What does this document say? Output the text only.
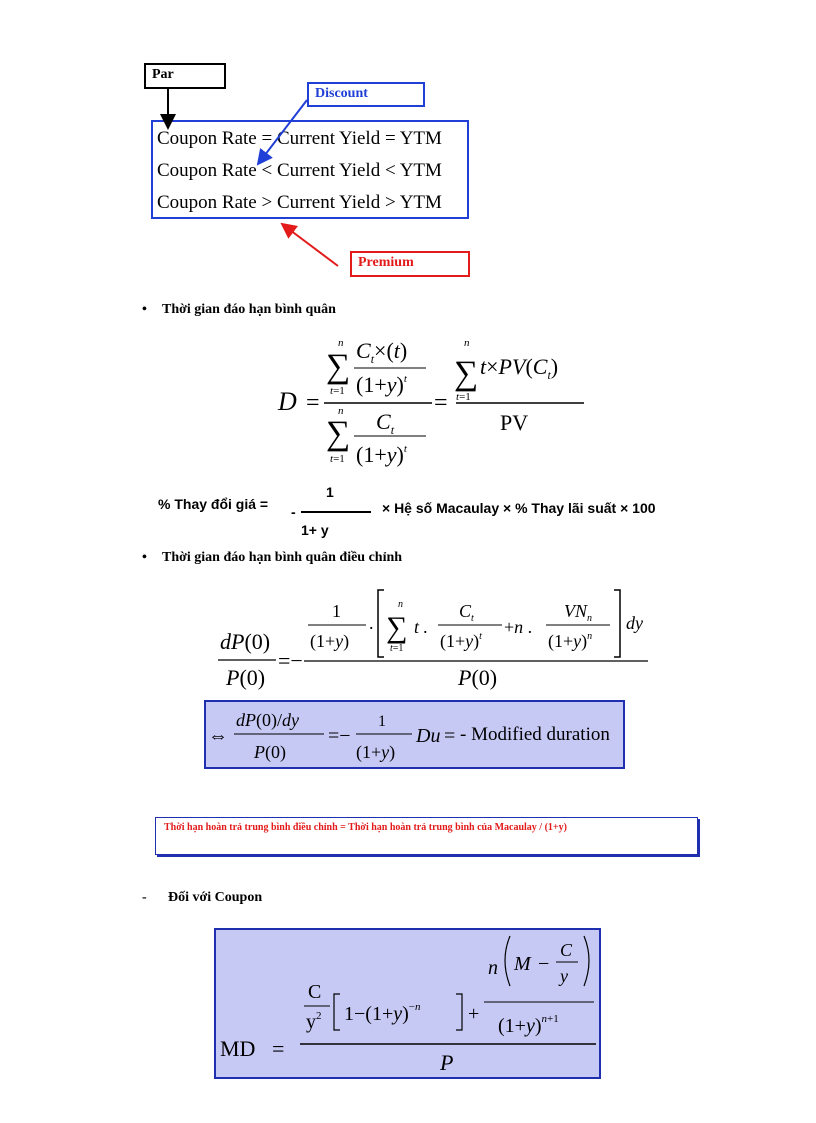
Par
Discount
Premium
Coupon Rate = Current Yield = YTM
Coupon Rate < Current Yield < YTM
Coupon Rate > Current Yield > YTM
• Thời gian đáo hạn bình quân
D =
n
∑
t=1
$C_t\times(t)$
$(1+y)^t$
n
∑
t=1
$C_t$
$(1+y)^t$
=
n
∑
t=1
$t\times PV(C_t)$
PV
% Thay đổi giá = -
1
1+ y
× Hệ số Macaulay × % Thay lãi suất × 100
• Thời gian đáo hạn bình quân điều chỉnh
dP(0)
P(0)
=−
1
(1+y)
.
n
∑
t=1
t .
$C_t$
$(1+y)^t +n$ .
$VN_n$
$(1+y)^n$
dy
P(0)
⇔
dP(0)/dy
P(0)
=−
1
(1+y)
Du = - Modified duration
Thời hạn hoàn trả trung bình điều chỉnh = Thời hạn hoàn trả trung bình của Macaulay / (1+y)
- Đối với Coupon
MD =
C
$y^2$ $1-(1+y)^{-n}$ +
n M −
C
y
$(1+y)^{n+1}$
P
